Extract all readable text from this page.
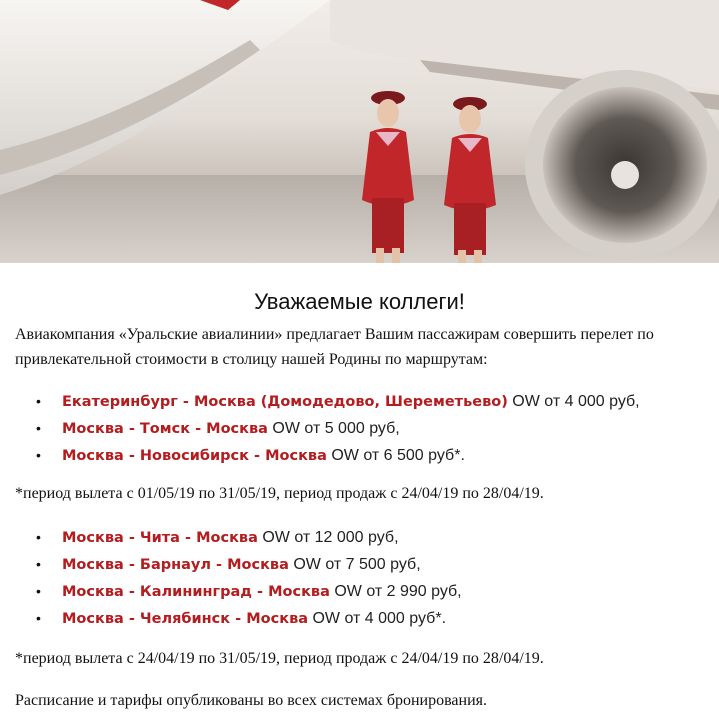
Уважаемые коллеги!
Авиакомпания «Уральские авиалинии» предлагает Вашим пассажирам совершить перелет по привлекательной стоимости в столицу нашей Родины по маршрутам:
• Екатеринбург - Москва (Домодедово, Шереметьево) OW от 4 000 руб,
• Москва - Томск - Москва OW от 5 000 руб,
• Москва - Новосибирск - Москва OW от 6 500 руб*.
*период вылета с 01/05/19 по 31/05/19, период продаж с 24/04/19 по 28/04/19.
• Москва - Чита - Москва OW от 12 000 руб,
• Москва - Барнаул - Москва OW от 7 500 руб,
• Москва - Калининград - Москва OW от 2 990 руб,
• Москва - Челябинск - Москва OW от 4 000 руб*.
*период вылета с 24/04/19 по 31/05/19, период продаж с 24/04/19 по 28/04/19.
Расписание и тарифы опубликованы во всех системах бронирования.
